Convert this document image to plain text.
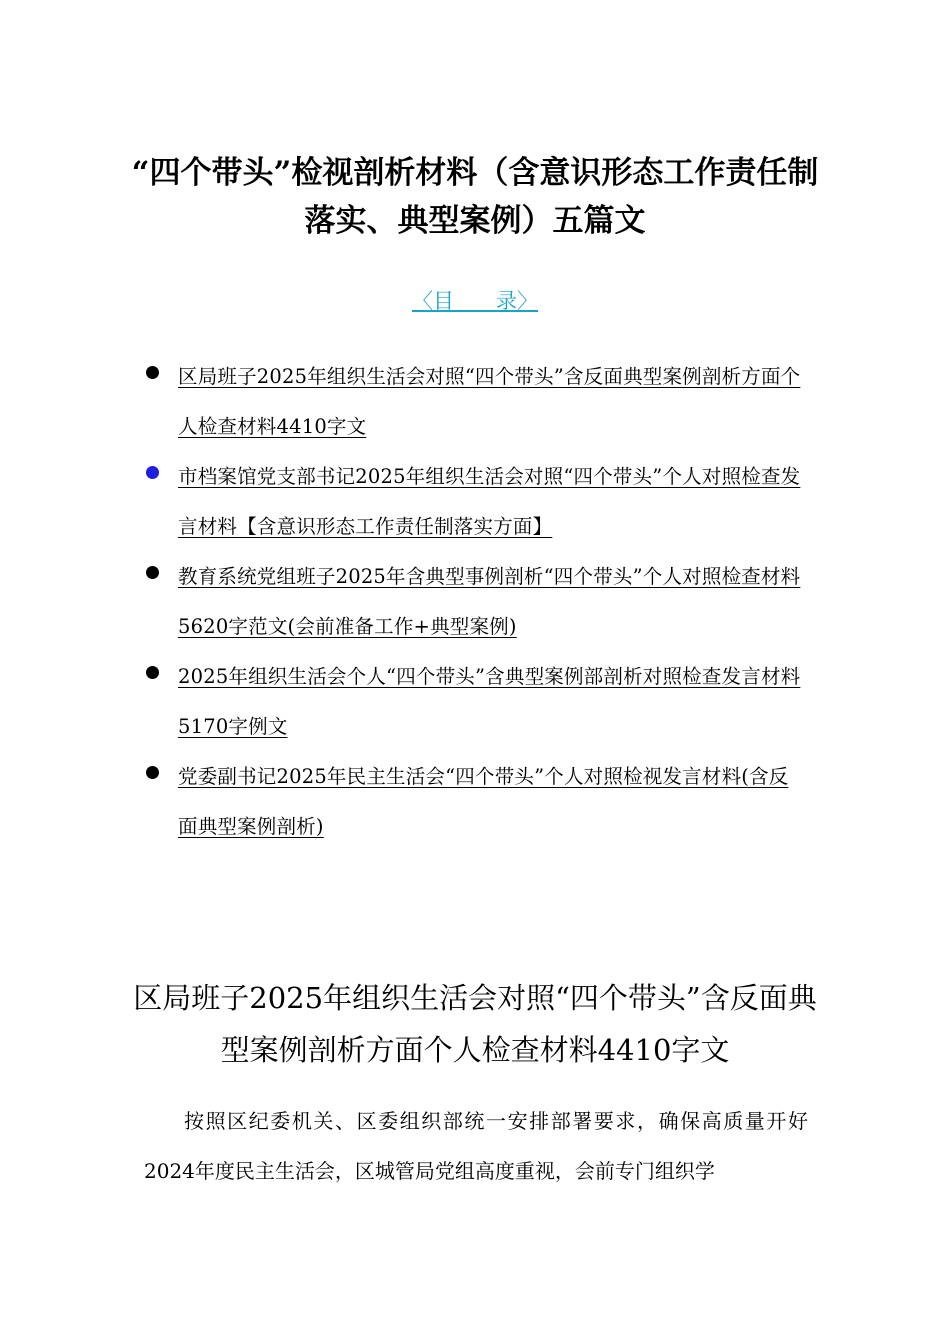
“四个带头”检视剖析材料（含意识形态工作责任制落实、典型案例）五篇文
〈目　　录〉
区局班子2025年组织生活会对照“四个带头”含反面典型案例剖析方面个人检查材料4410字文
市档案馆党支部书记2025年组织生活会对照“四个带头”个人对照检查发言材料【含意识形态工作责任制落实方面】
教育系统党组班子2025年含典型事例剖析“四个带头”个人对照检查材料5620字范文(会前准备工作+典型案例)
2025年组织生活会个人“四个带头”含典型案例部剖析对照检查发言材料5170字例文
党委副书记2025年民主生活会“四个带头”个人对照检视发言材料(含反面典型案例剖析)
区局班子2025年组织生活会对照“四个带头”含反面典型案例剖析方面个人检查材料4410字文

按照区纪委机关、区委组织部统一安排部署要求，确保高质量开好2024年度民主生活会，区城管局党组高度重视，会前专门组织学
